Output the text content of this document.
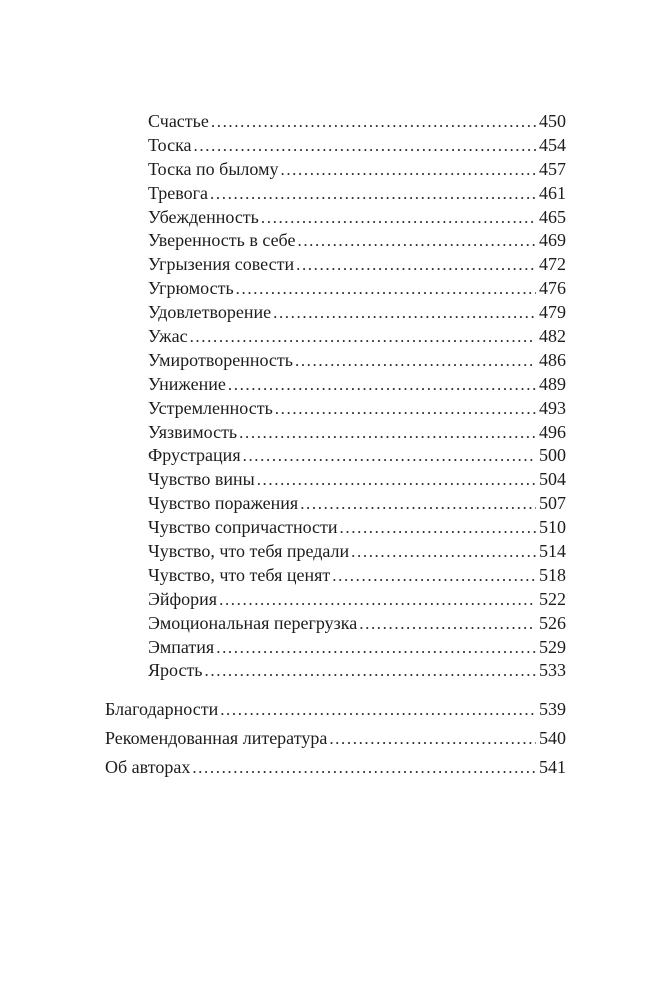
Счастье .....	450
Тоска .....	454
Тоска по былому .....	457
Тревога .....	461
Убежденность .....	465
Уверенность в себе .....	469
Угрызения совести .....	472
Угрюмость .....	476
Удовлетворение .....	479
Ужас .....	482
Умиротворенность .....	486
Унижение .....	489
Устремленность .....	493
Уязвимость .....	496
Фрустрация .....	500
Чувство вины .....	504
Чувство поражения .....	507
Чувство сопричастности .....	510
Чувство, что тебя предали .....	514
Чувство, что тебя ценят .....	518
Эйфория .....	522
Эмоциональная перегрузка .....	526
Эмпатия .....	529
Ярость .....	533
Благодарности .....	539
Рекомендованная литература .....	540
Об авторах .....	541
